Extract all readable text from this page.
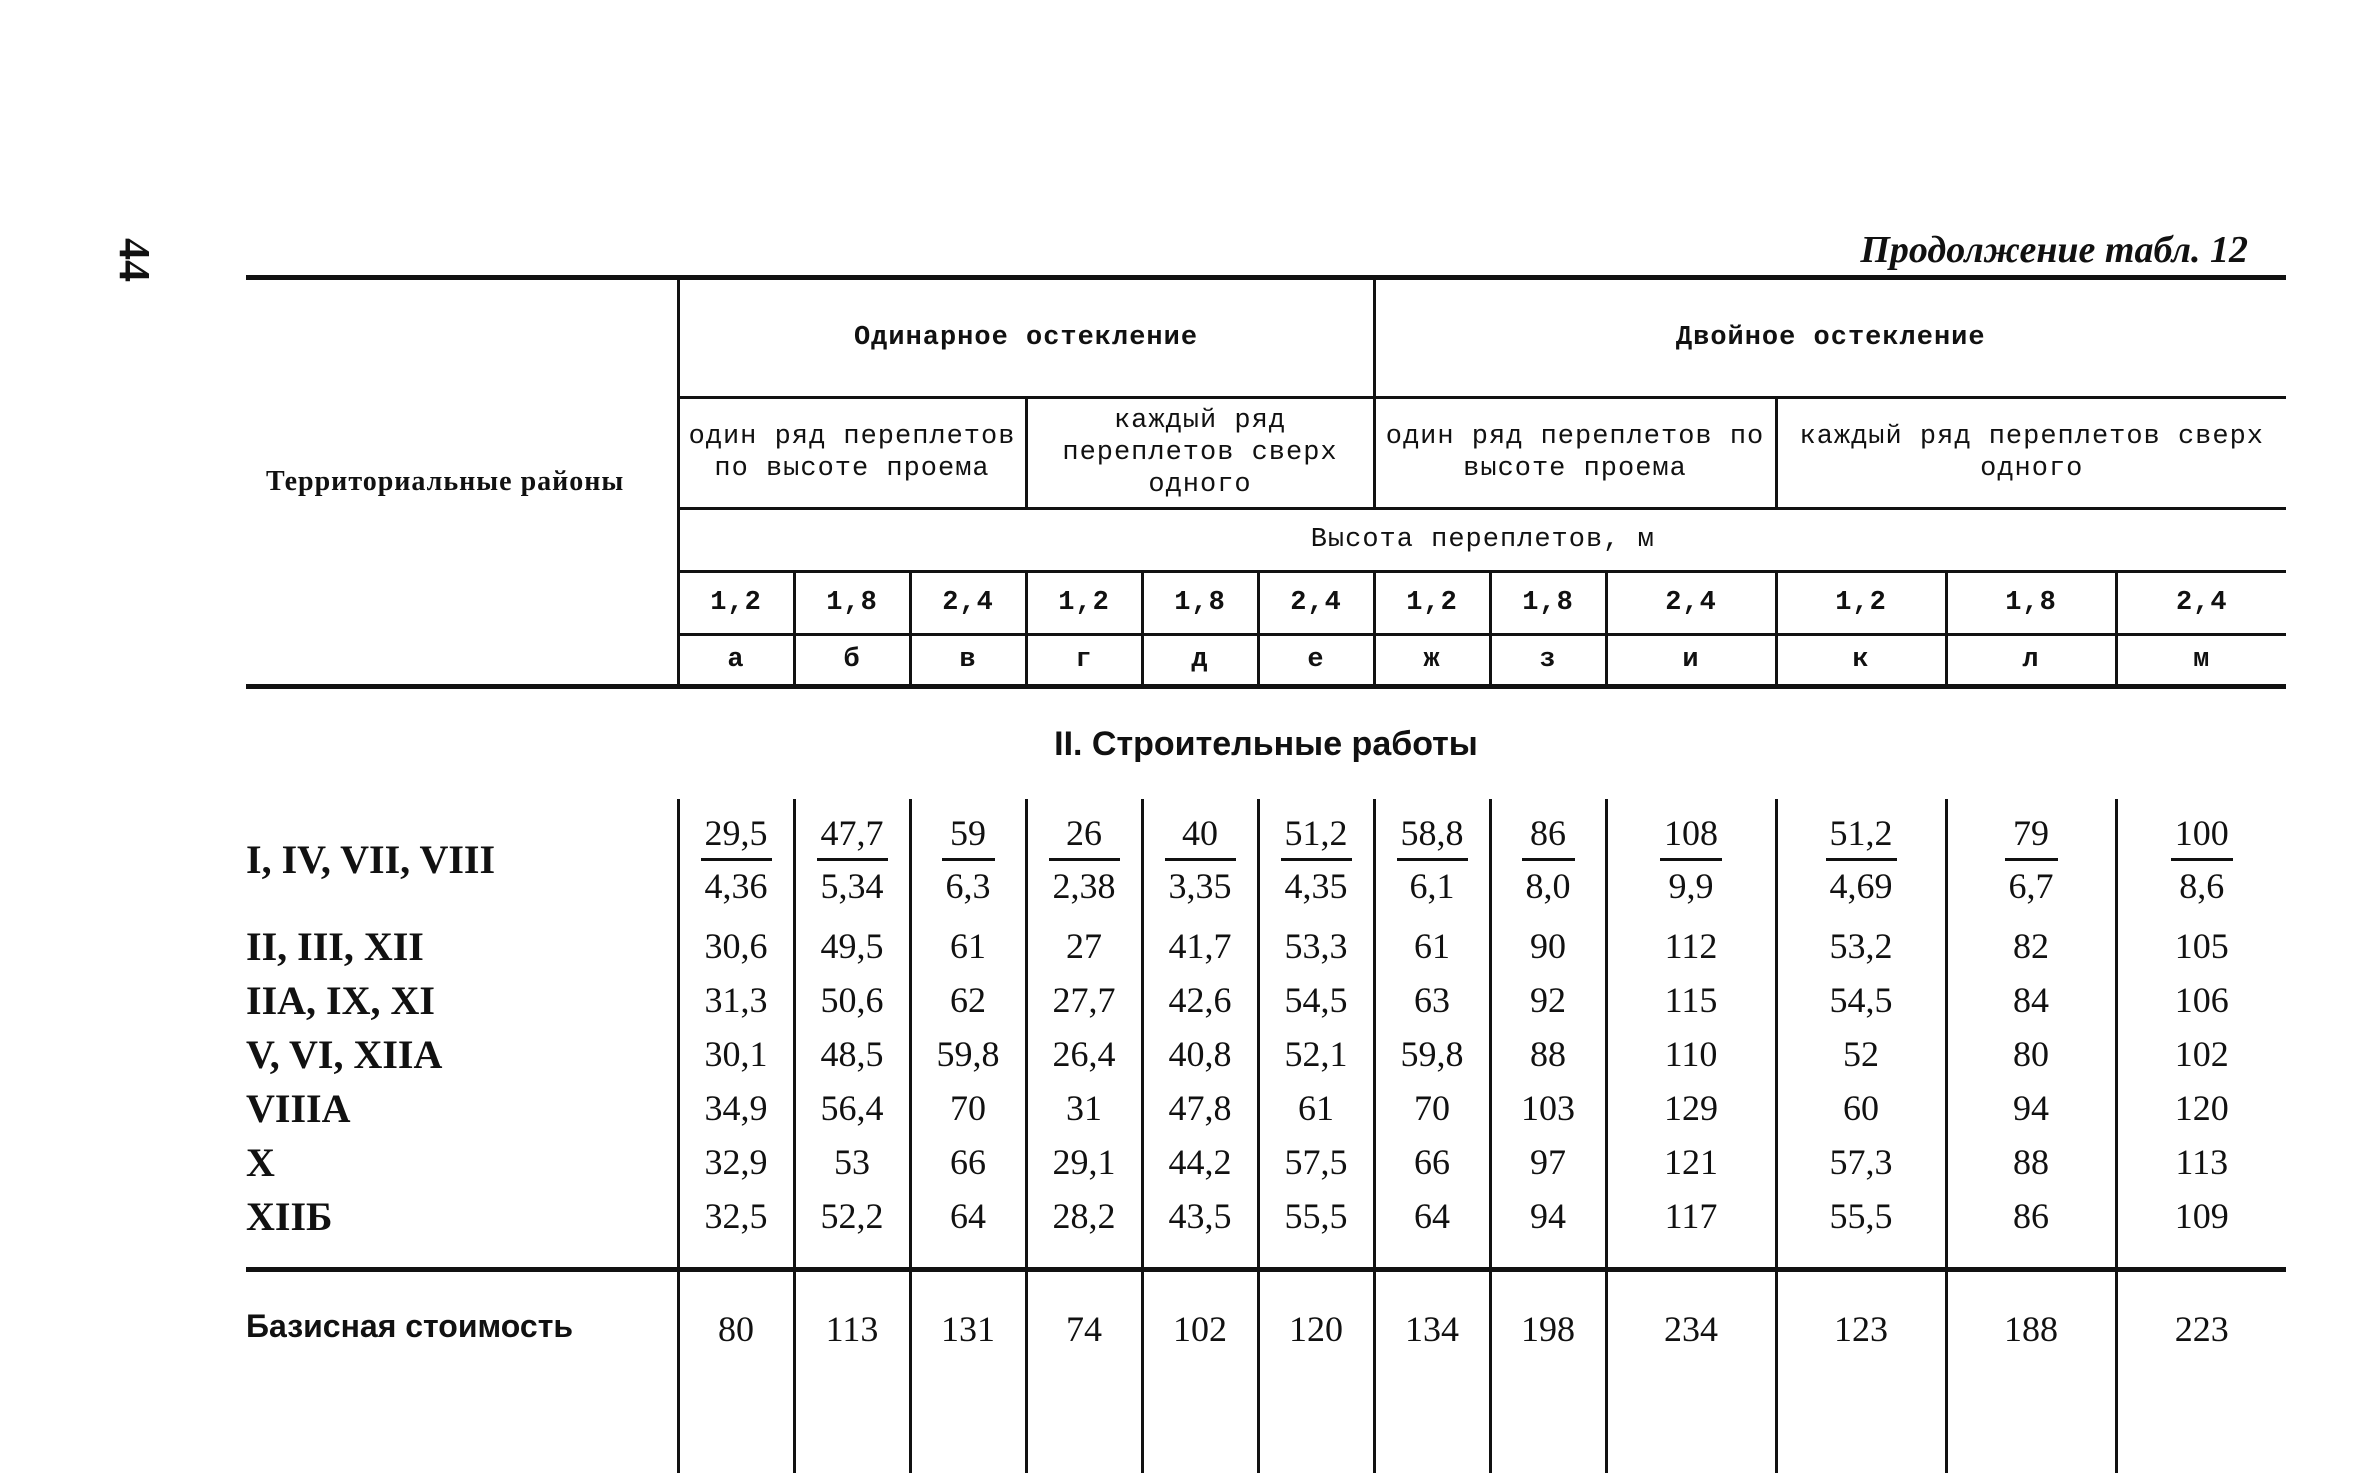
44	Продолжение табл. 12
Территориальные районы	Одинарное остекление						Двойное остекление					
	один ряд переплетов по высоте проема			каждый ряд переплетов сверх одного			один ряд переплетов по высоте проема			каждый ряд переплетов сверх одного		
	Высота переплетов, м											
	1,2	1,8	2,4	1,2	1,8	2,4	1,2	1,8	2,4	1,2	1,8	2,4
	а	б	в	г	д	е	ж	з	и	к	л	м
II. Строительные работы												
I, IV, VII, VIII	$\frac{29,5}{4,36}$	$\frac{47,7}{5,34}$	$\frac{59}{6,3}$	$\frac{26}{2,38}$	$\frac{40}{3,35}$	$\frac{51,2}{4,35}$	$\frac{58,8}{6,1}$	$\frac{86}{8,0}$	$\frac{108}{9,9}$	$\frac{51,2}{4,69}$	$\frac{79}{6,7}$	$\frac{100}{8,6}$

II, III, XII	30,6	49,5	61	27	41,7	53,3	61	90	112	53,2	82	105
IIA, IX, XI	31,3	50,6	62	27,7	42,6	54,5	63	92	115	54,5	84	106
V, VI, XIIA	30,1	48,5	59,8	26,4	40,8	52,1	59,8	88	110	52	80	102
VIIIA	34,9	56,4	70	31	47,8	61	70	103	129	60	94	120
X	32,9	53	66	29,1	44,2	57,5	66	97	121	57,3	88	113
XIIБ	32,5	52,2	64	28,2	43,5	55,5	64	94	117	55,5	86	109

Базисная стоимость	80	113	131	74	102	120	134	198	234	123	188	223
